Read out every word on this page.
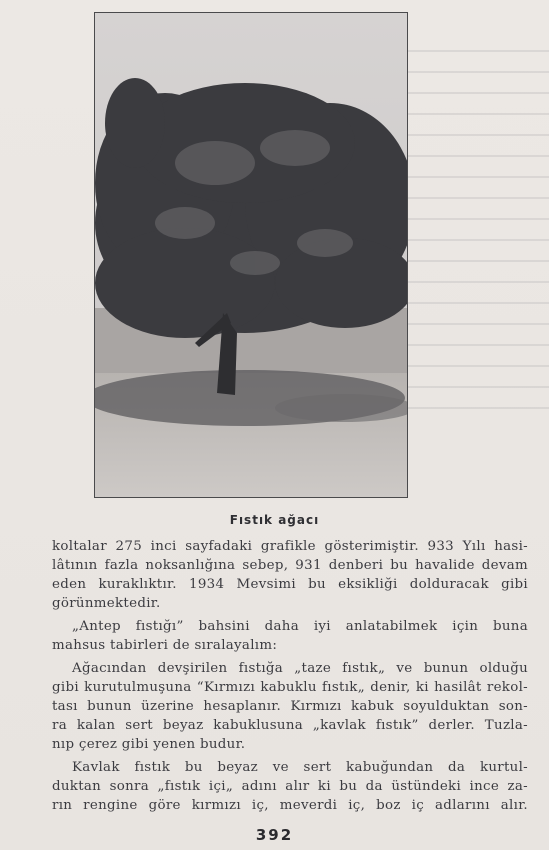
Fıstık ağacı
koltalar 275 inci sayfadaki grafikle gösterimiştir. 933 Yılı hasi-
lâtının fazla noksanlığına sebep, 931 denberi bu havalide devam
eden kuraklıktır. 1934 Mevsimi bu eksikliği dolduracak gibi
görünmektedir.
„Antep fıstığı” bahsini daha iyi anlatabilmek için buna
mahsus tabirleri de sıralayalım:
Ağacından devşirilen fıstığa „taze fıstık„ ve bunun olduğu
gibi kurutulmuşuna “Kırmızı kabuklu fıstık„ denir, ki hasilât rekol-
tası bunun üzerine hesaplanır. Kırmızı kabuk soyulduktan son-
ra kalan sert beyaz kabuklusuna „kavlak fıstık” derler. Tuzla-
nıp çerez gibi yenen budur.
Kavlak fıstık bu beyaz ve sert kabuğundan da kurtul-
duktan sonra „fıstık içi„ adını alır ki bu da üstündeki ince za-
rın rengine göre kırmızı iç, meverdi iç, boz iç adlarını alır.
392
